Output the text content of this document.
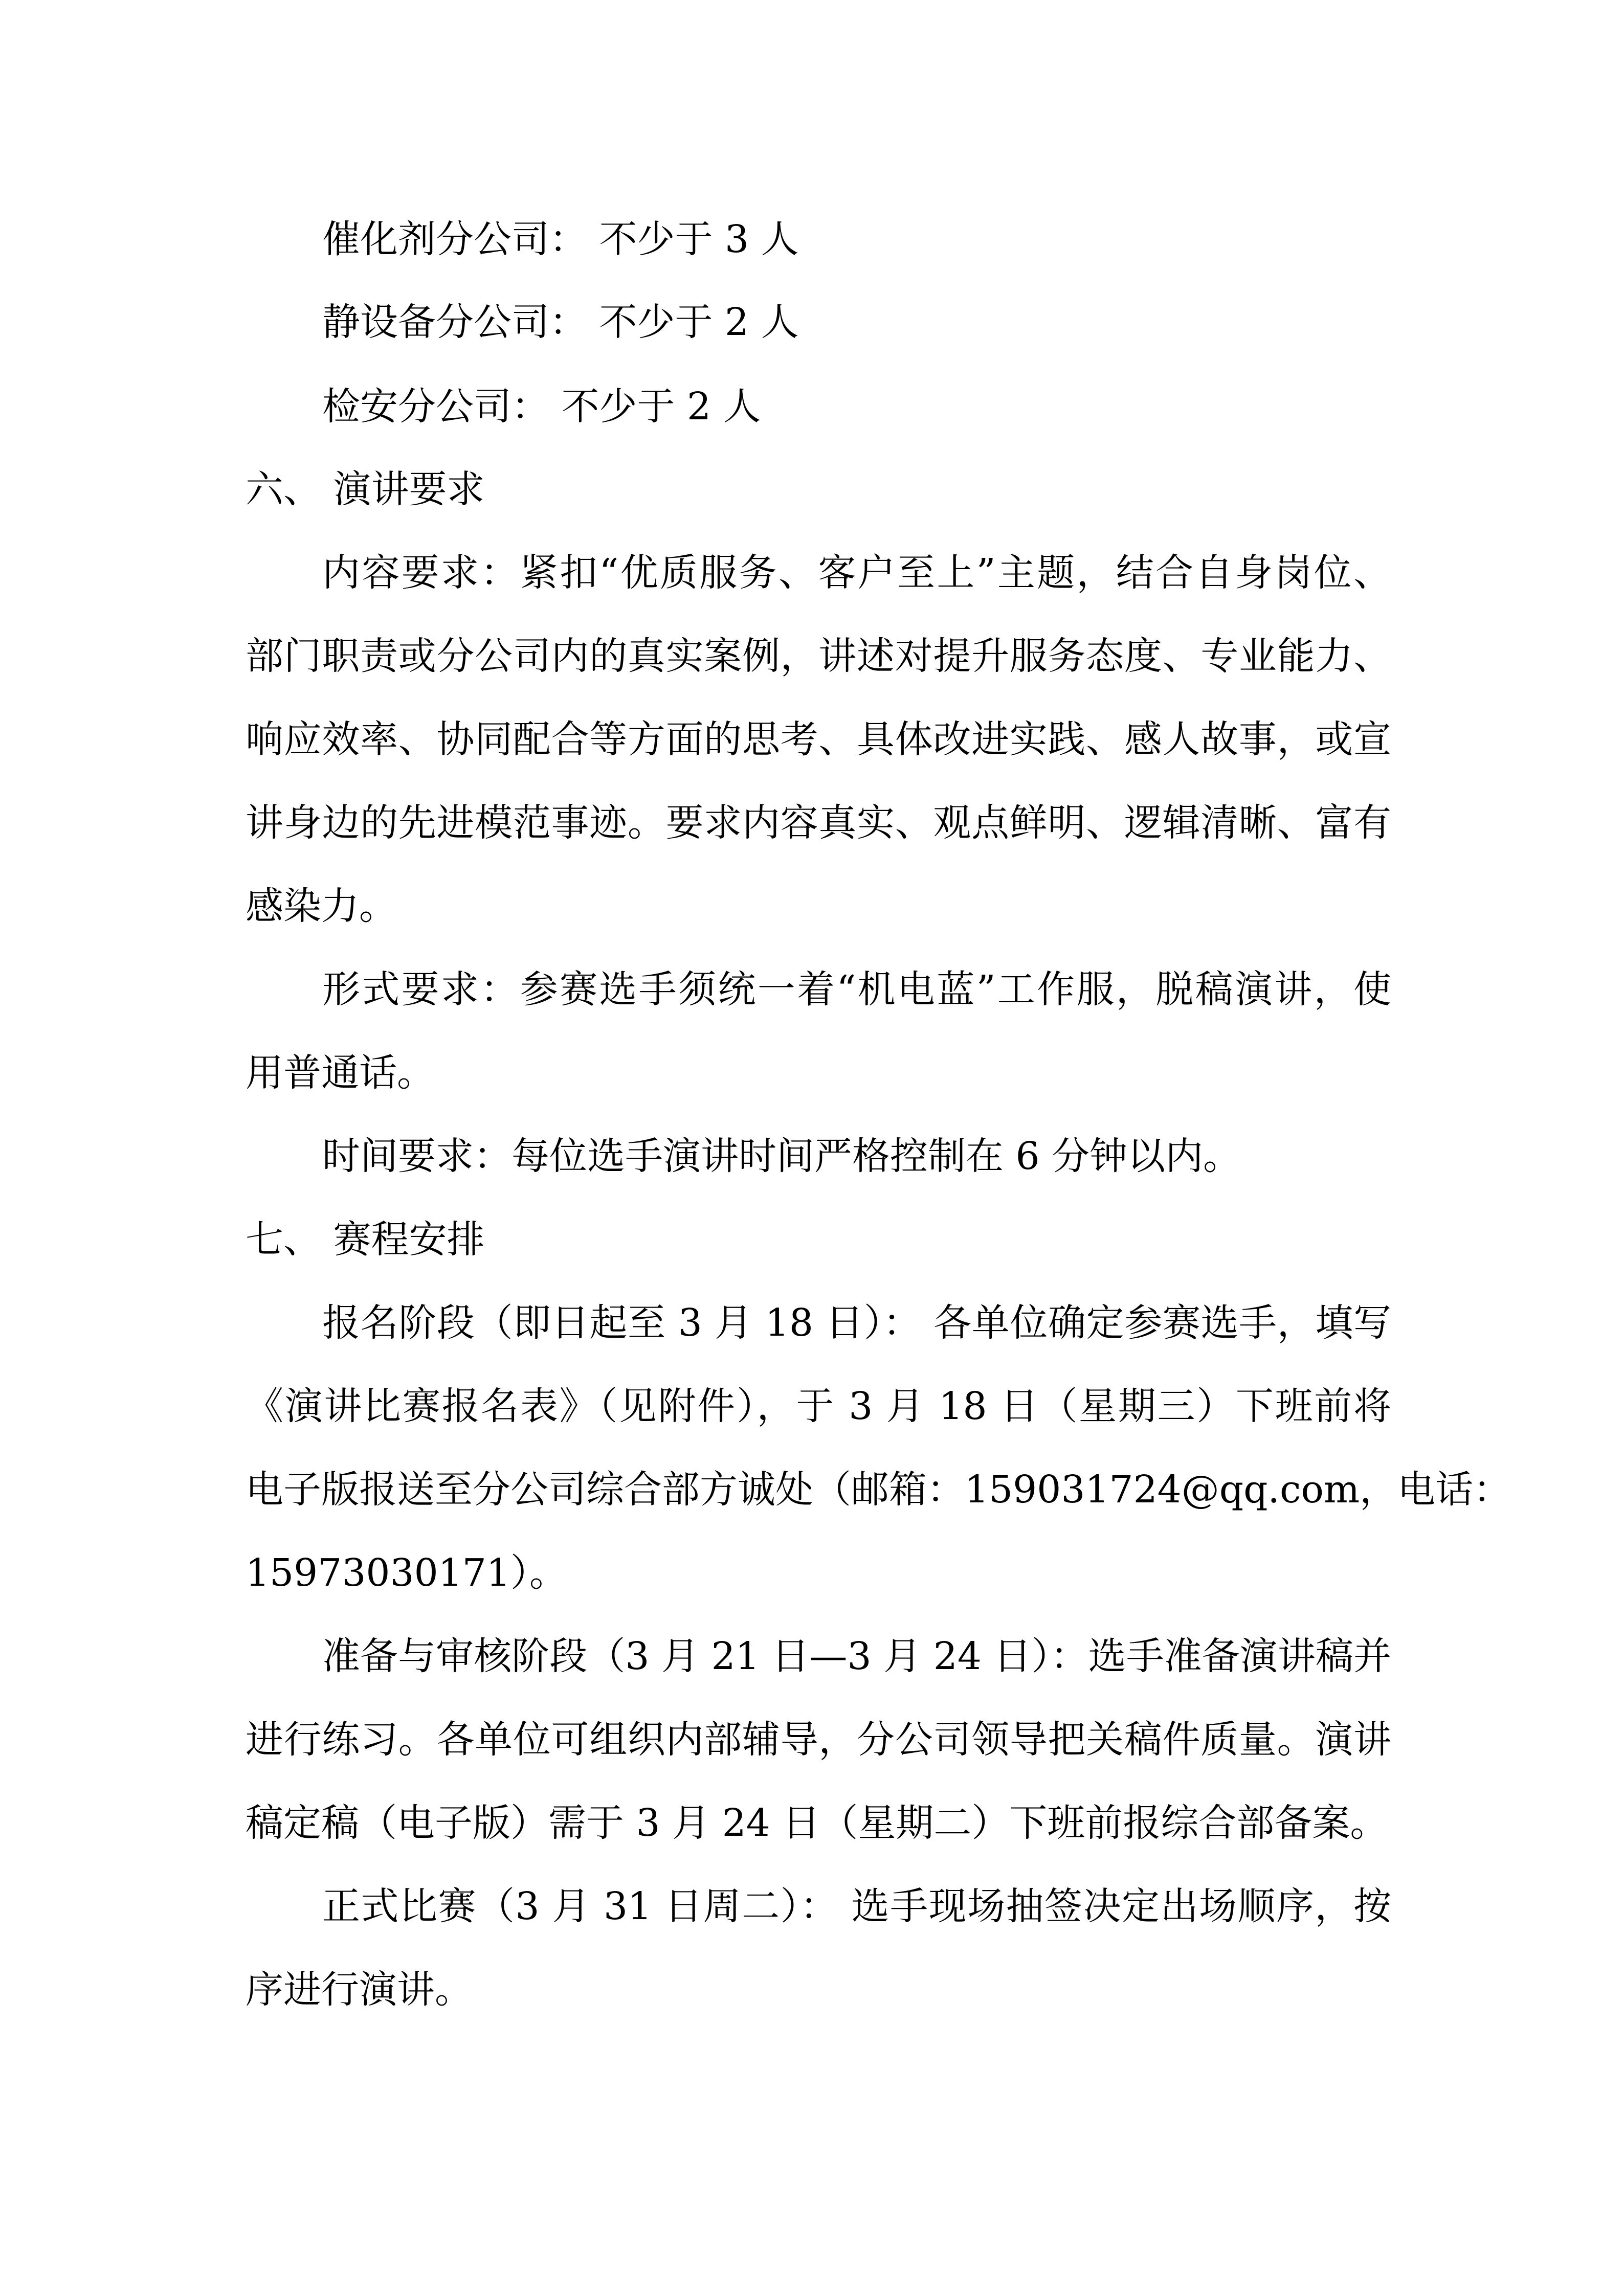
催化剂分公司： 不少于 3 人
静设备分公司： 不少于 2 人
检安分公司： 不少于 2 人
六、 演讲要求
内容要求：紧扣“优质服务、客户至上”主题，结合自身岗位、
部门职责或分公司内的真实案例，讲述对提升服务态度、专业能力、
响应效率、协同配合等方面的思考、具体改进实践、感人故事，或宣
讲身边的先进模范事迹。要求内容真实、观点鲜明、逻辑清晰、富有
感染力。
形式要求：参赛选手须统一着“机电蓝”工作服，脱稿演讲，使
用普通话。
时间要求：每位选手演讲时间严格控制在 6 分钟以内。
七、 赛程安排
报名阶段（即日起至 3 月 18 日）： 各单位确定参赛选手，填写
《演讲比赛报名表》（见附件），于 3 月 18 日（星期三）下班前将
电子版报送至分公司综合部方诚处（邮箱：159031724@qq.com，电话：
15973030171）。
准备与审核阶段（3 月 21 日—3 月 24 日）：选手准备演讲稿并
进行练习。各单位可组织内部辅导，分公司领导把关稿件质量。演讲
稿定稿（电子版）需于 3 月 24 日（星期二）下班前报综合部备案。
正式比赛（3 月 31 日周二）： 选手现场抽签决定出场顺序，按
序进行演讲。
